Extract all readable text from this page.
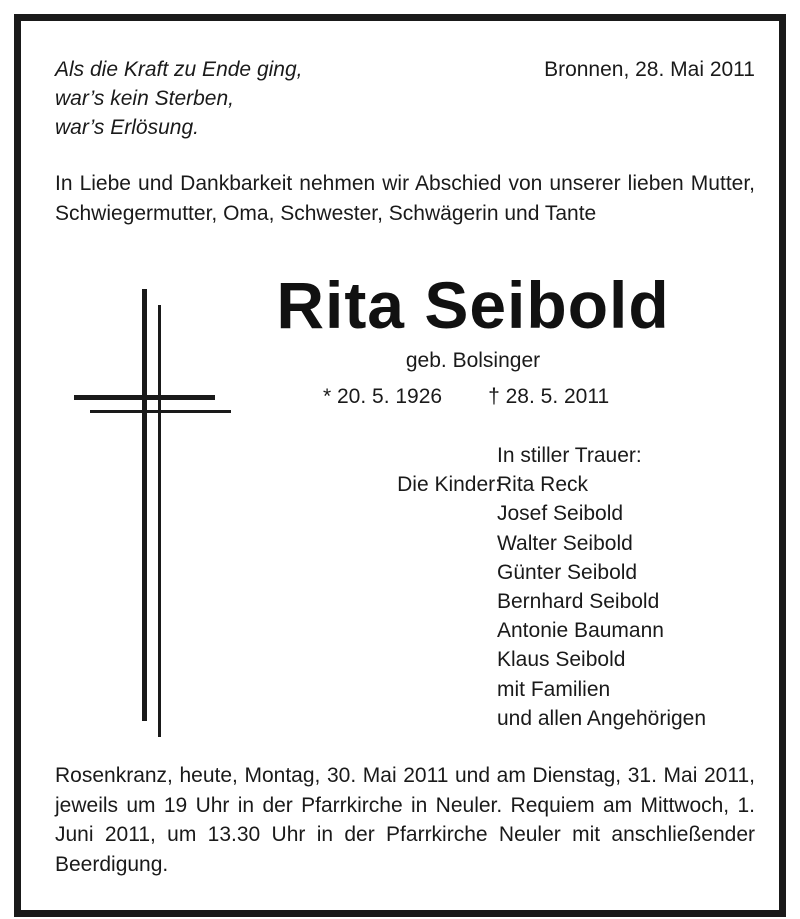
Als die Kraft zu Ende ging,
war’s kein Sterben,
war’s Erlösung.
Bronnen, 28. Mai 2011
In Liebe und Dankbarkeit nehmen wir Abschied von unserer lieben Mutter, Schwiegermutter, Oma, Schwester, Schwägerin und Tante
Rita Seibold
geb. Bolsinger
* 20. 5. 1926 † 28. 5. 2011
Die Kinder:
In stiller Trauer:
Rita Reck
Josef Seibold
Walter Seibold
Günter Seibold
Bernhard Seibold
Antonie Baumann
Klaus Seibold
mit Familien
und allen Angehörigen
Rosenkranz, heute, Montag, 30. Mai 2011 und am Dienstag, 31. Mai 2011, jeweils um 19 Uhr in der Pfarrkirche in Neuler. Requiem am Mittwoch, 1. Juni 2011, um 13.30 Uhr in der Pfarrkirche Neuler mit anschließender Beerdigung.
